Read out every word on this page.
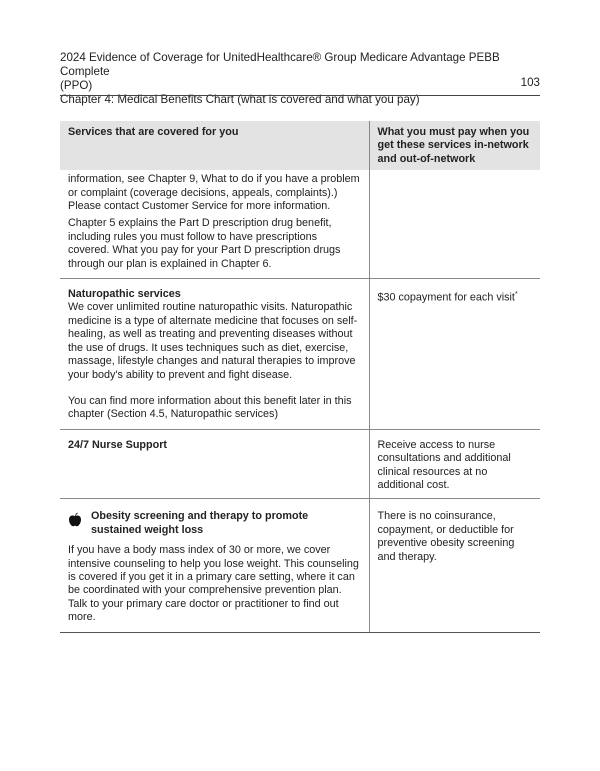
2024 Evidence of Coverage for UnitedHealthcare® Group Medicare Advantage PEBB Complete
(PPO)
Chapter 4: Medical Benefits Chart (what is covered and what you pay)
103
Services that are covered for you	What you must pay when you get these services in-network and out-of-network

information, see Chapter 9, What to do if you have a problem or complaint (coverage decisions, appeals, complaints).) Please contact Customer Service for more information.

Chapter 5 explains the Part D prescription drug benefit, including rules you must follow to have prescriptions covered. What you pay for your Part D prescription drugs through our plan is explained in Chapter 6.	

Naturopathic services

We cover unlimited routine naturopathic visits. Naturopathic medicine is a type of alternate medicine that focuses on self-healing, as well as treating and preventing diseases without the use of drugs. It uses techniques such as diet, exercise, massage, lifestyle changes and natural therapies to improve your body's ability to prevent and fight disease.

You can find more information about this benefit later in this chapter (Section 4.5, Naturopathic services)	$30 copayment for each visit*

24/7 Nurse Support	Receive access to nurse consultations and additional clinical resources at no additional cost.

Obesity screening and therapy to promote sustained weight loss

If you have a body mass index of 30 or more, we cover intensive counseling to help you lose weight. This counseling is covered if you get it in a primary care setting, where it can be coordinated with your comprehensive prevention plan. Talk to your primary care doctor or practitioner to find out more.	There is no coinsurance, copayment, or deductible for preventive obesity screening and therapy.
